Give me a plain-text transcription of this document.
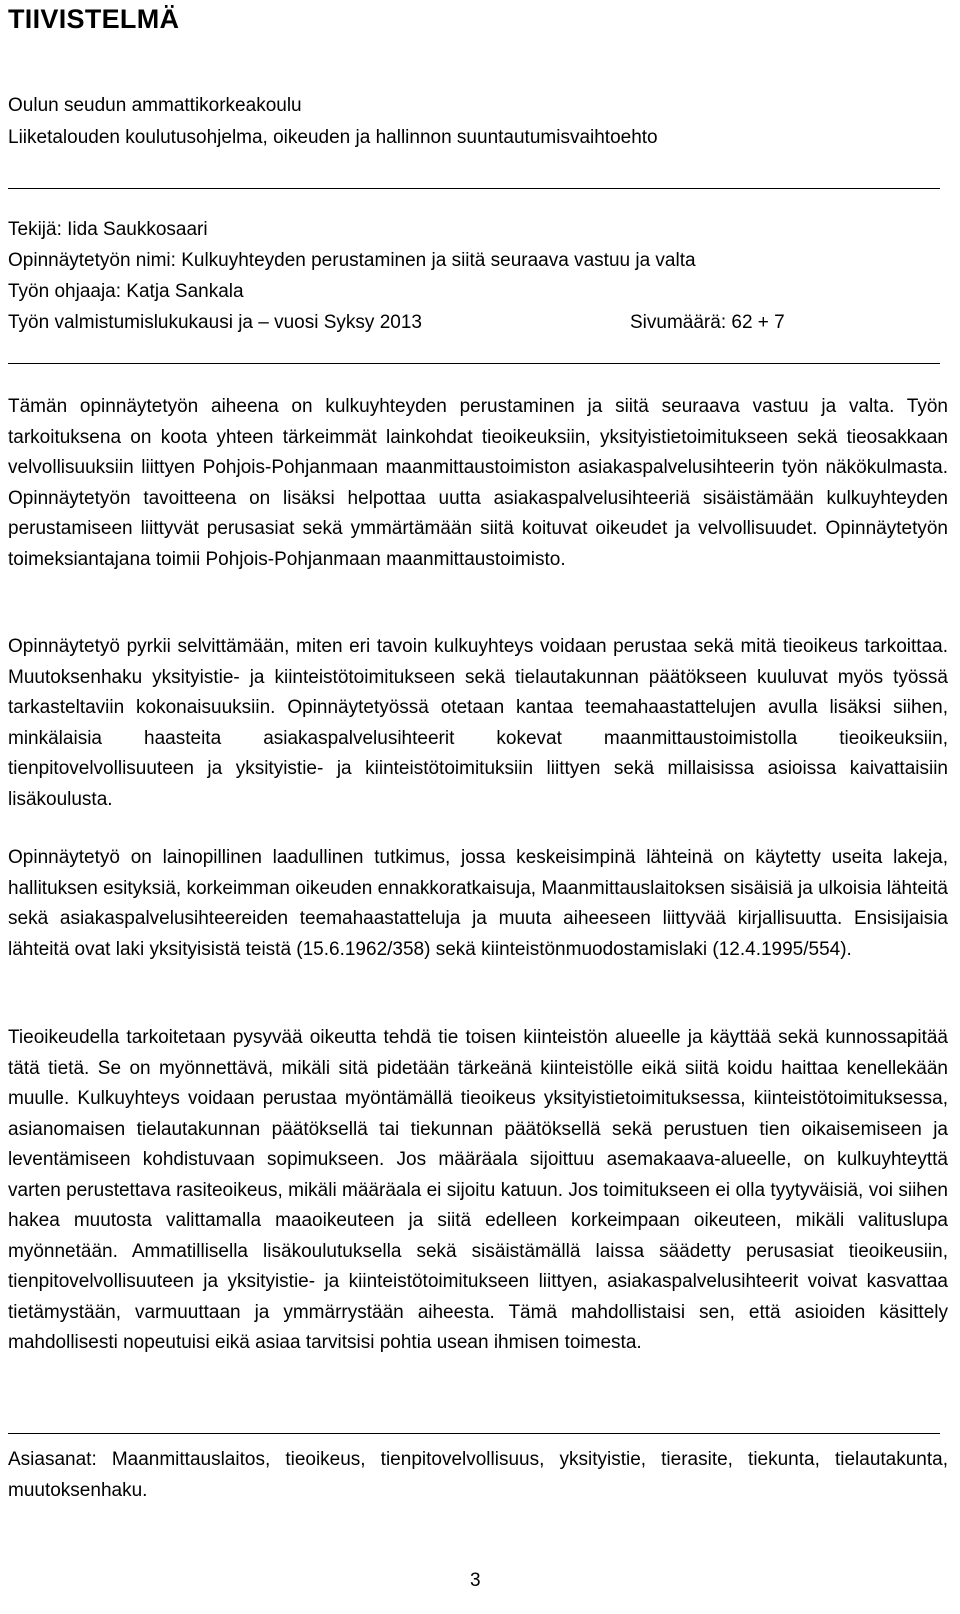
TIIVISTELMÄ
Oulun seudun ammattikorkeakoulu
Liiketalouden koulutusohjelma, oikeuden ja hallinnon suuntautumisvaihtoehto
Tekijä: Iida Saukkosaari
Opinnäytetyön nimi: Kulkuyhteyden perustaminen ja siitä seuraava vastuu ja valta
Työn ohjaaja: Katja Sankala
Työn valmistumislukukausi ja – vuosi Syksy 2013	Sivumäärä: 62 + 7

Tämän opinnäytetyön aiheena on kulkuyhteyden perustaminen ja siitä seuraava vastuu ja valta. Työn tarkoituksena on koota yhteen tärkeimmät lainkohdat tieoikeuksiin, yksityistietoimitukseen sekä tieosakkaan velvollisuuksiin liittyen Pohjois-Pohjanmaan maanmittaustoimiston asiakaspalvelusihteerin työn näkökulmasta. Opinnäytetyön tavoitteena on lisäksi helpottaa uutta asiakaspalvelusihteeriä sisäistämään kulkuyhteyden perustamiseen liittyvät perusasiat sekä ymmärtämään siitä koituvat oikeudet ja velvollisuudet. Opinnäytetyön toimeksiantajana toimii Pohjois-Pohjanmaan maanmittaustoimisto.

Opinnäytetyö pyrkii selvittämään, miten eri tavoin kulkuyhteys voidaan perustaa sekä mitä tieoikeus tarkoittaa. Muutoksenhaku yksityistie- ja kiinteistötoimitukseen sekä tielautakunnan päätökseen kuuluvat myös työssä tarkasteltaviin kokonaisuuksiin. Opinnäytetyössä otetaan kantaa teemahaastattelujen avulla lisäksi siihen, minkälaisia haasteita asiakaspalvelusihteerit kokevat maanmittaustoimistolla tieoikeuksiin, tienpitovelvollisuuteen ja yksityistie- ja kiinteistötoimituksiin liittyen sekä millaisissa asioissa kaivattaisiin lisäkoulusta.

Opinnäytetyö on lainopillinen laadullinen tutkimus, jossa keskeisimpinä lähteinä on käytetty useita lakeja, hallituksen esityksiä, korkeimman oikeuden ennakkoratkaisuja, Maanmittauslaitoksen sisäisiä ja ulkoisia lähteitä sekä asiakaspalvelusihteereiden teemahaastatteluja ja muuta aiheeseen liittyvää kirjallisuutta. Ensisijaisia lähteitä ovat laki yksityisistä teistä (15.6.1962/358) sekä kiinteistönmuodostamislaki (12.4.1995/554).

Tieoikeudella tarkoitetaan pysyvää oikeutta tehdä tie toisen kiinteistön alueelle ja käyttää sekä kunnossapitää tätä tietä. Se on myönnettävä, mikäli sitä pidetään tärkeänä kiinteistölle eikä siitä koidu haittaa kenellekään muulle. Kulkuyhteys voidaan perustaa myöntämällä tieoikeus yksityistietoimituksessa, kiinteistötoimituksessa, asianomaisen tielautakunnan päätöksellä tai tiekunnan päätöksellä sekä perustuen tien oikaisemiseen ja leventämiseen kohdistuvaan sopimukseen. Jos määräala sijoittuu asemakaava-alueelle, on kulkuyhteyttä varten perustettava rasiteoikeus, mikäli määräala ei sijoitu katuun. Jos toimitukseen ei olla tyytyväisiä, voi siihen hakea muutosta valittamalla maaoikeuteen ja siitä edelleen korkeimpaan oikeuteen, mikäli valituslupa myönnetään. Ammatillisella lisäkoulutuksella sekä sisäistämällä laissa säädetty perusasiat tieoikeusiin, tienpitovelvollisuuteen ja yksityistie- ja kiinteistötoimitukseen liittyen, asiakaspalvelusihteerit voivat kasvattaa tietämystään, varmuuttaan ja ymmärrystään aiheesta. Tämä mahdollistaisi sen, että asioiden käsittely mahdollisesti nopeutuisi eikä asiaa tarvitsisi pohtia usean ihmisen toimesta.

Asiasanat: Maanmittauslaitos, tieoikeus, tienpitovelvollisuus, yksityistie, tierasite, tiekunta, tielautakunta, muutoksenhaku.

3
